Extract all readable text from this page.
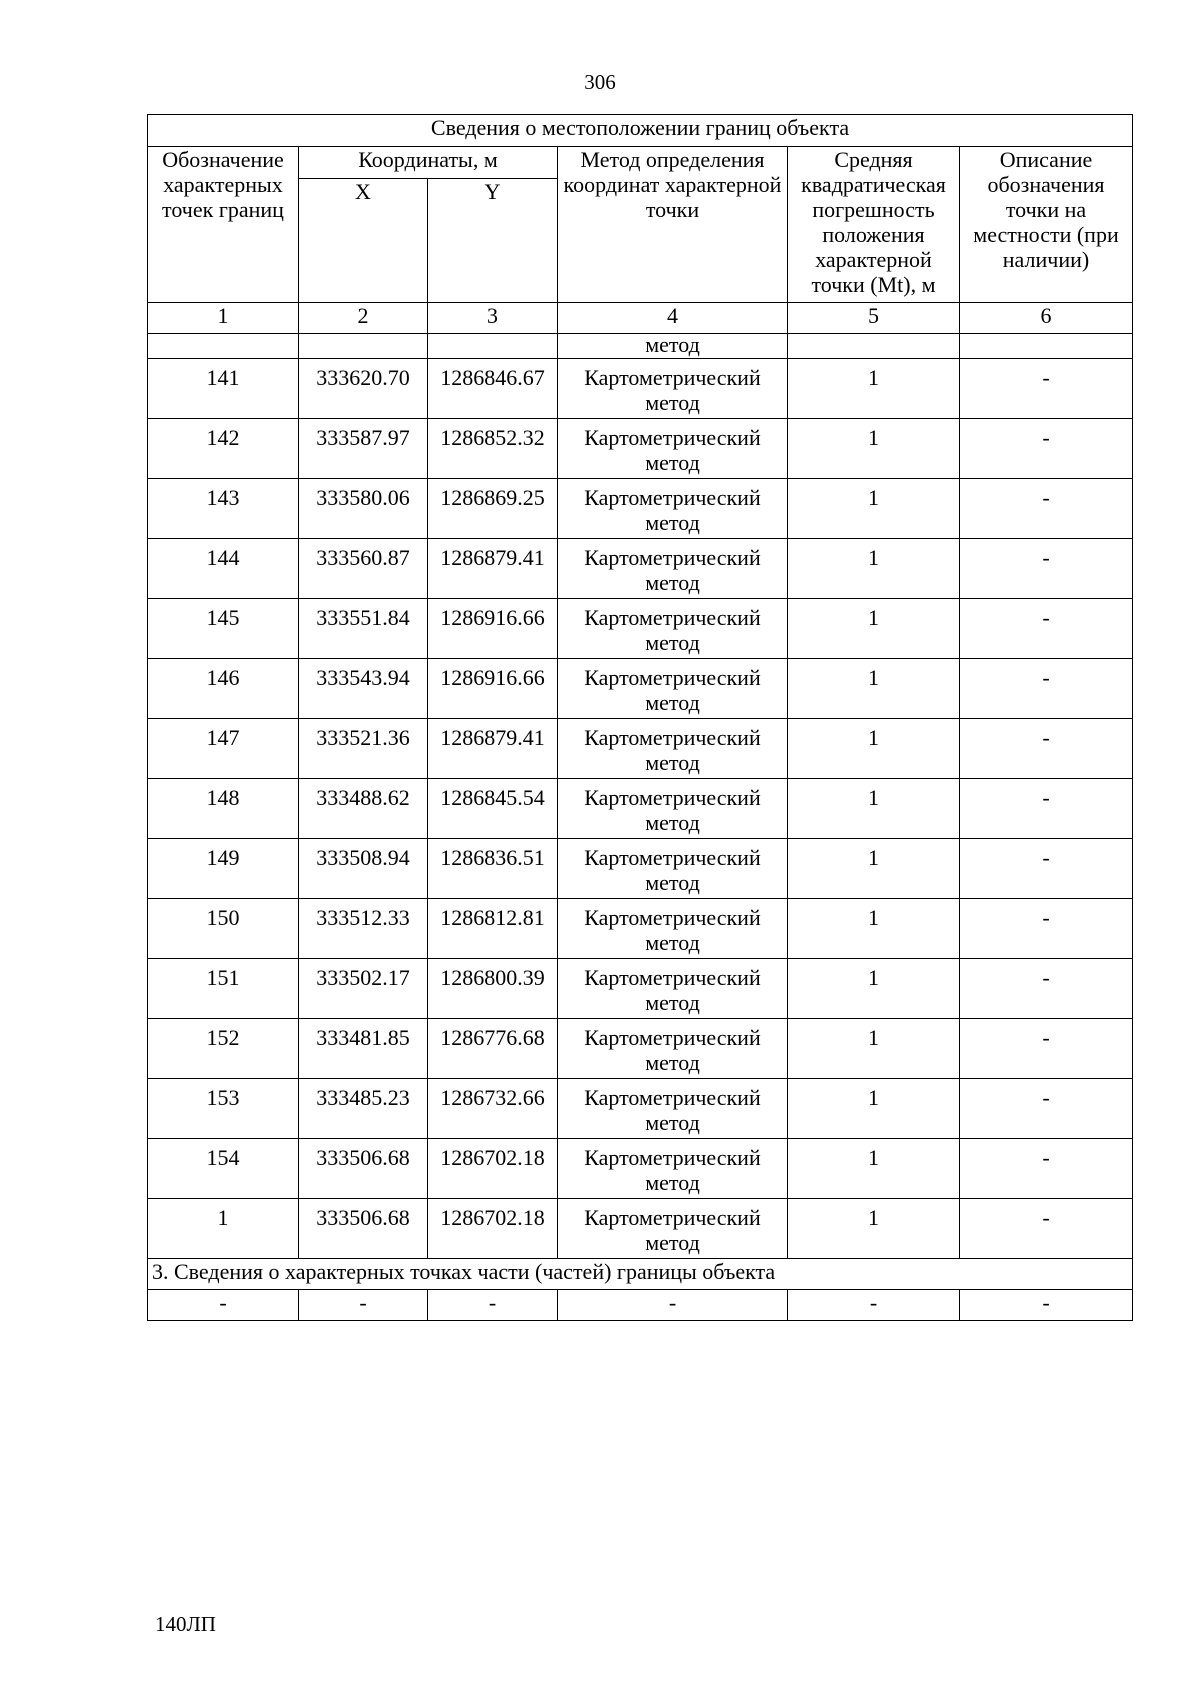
306
Сведения о местоположении границ объекта					
Обозначение характерных точек границ	Координаты, м		Метод определения координат характерной точки	Средняя квадратическая погрешность положения характерной точки (Mt), м	Описание обозначения точки на местности (при наличии)
	X	Y			
1	2	3	4	5	6
			метод		
141	333620.70	1286846.67	Картометрический метод	1	-
142	333587.97	1286852.32	Картометрический метод	1	-
143	333580.06	1286869.25	Картометрический метод	1	-
144	333560.87	1286879.41	Картометрический метод	1	-
145	333551.84	1286916.66	Картометрический метод	1	-
146	333543.94	1286916.66	Картометрический метод	1	-
147	333521.36	1286879.41	Картометрический метод	1	-
148	333488.62	1286845.54	Картометрический метод	1	-
149	333508.94	1286836.51	Картометрический метод	1	-
150	333512.33	1286812.81	Картометрический метод	1	-
151	333502.17	1286800.39	Картометрический метод	1	-
152	333481.85	1286776.68	Картометрический метод	1	-
153	333485.23	1286732.66	Картометрический метод	1	-
154	333506.68	1286702.18	Картометрический метод	1	-
1	333506.68	1286702.18	Картометрический метод	1	-
3. Сведения о характерных точках части (частей) границы объекта					
-	-	-	-	-	-
140ЛП
